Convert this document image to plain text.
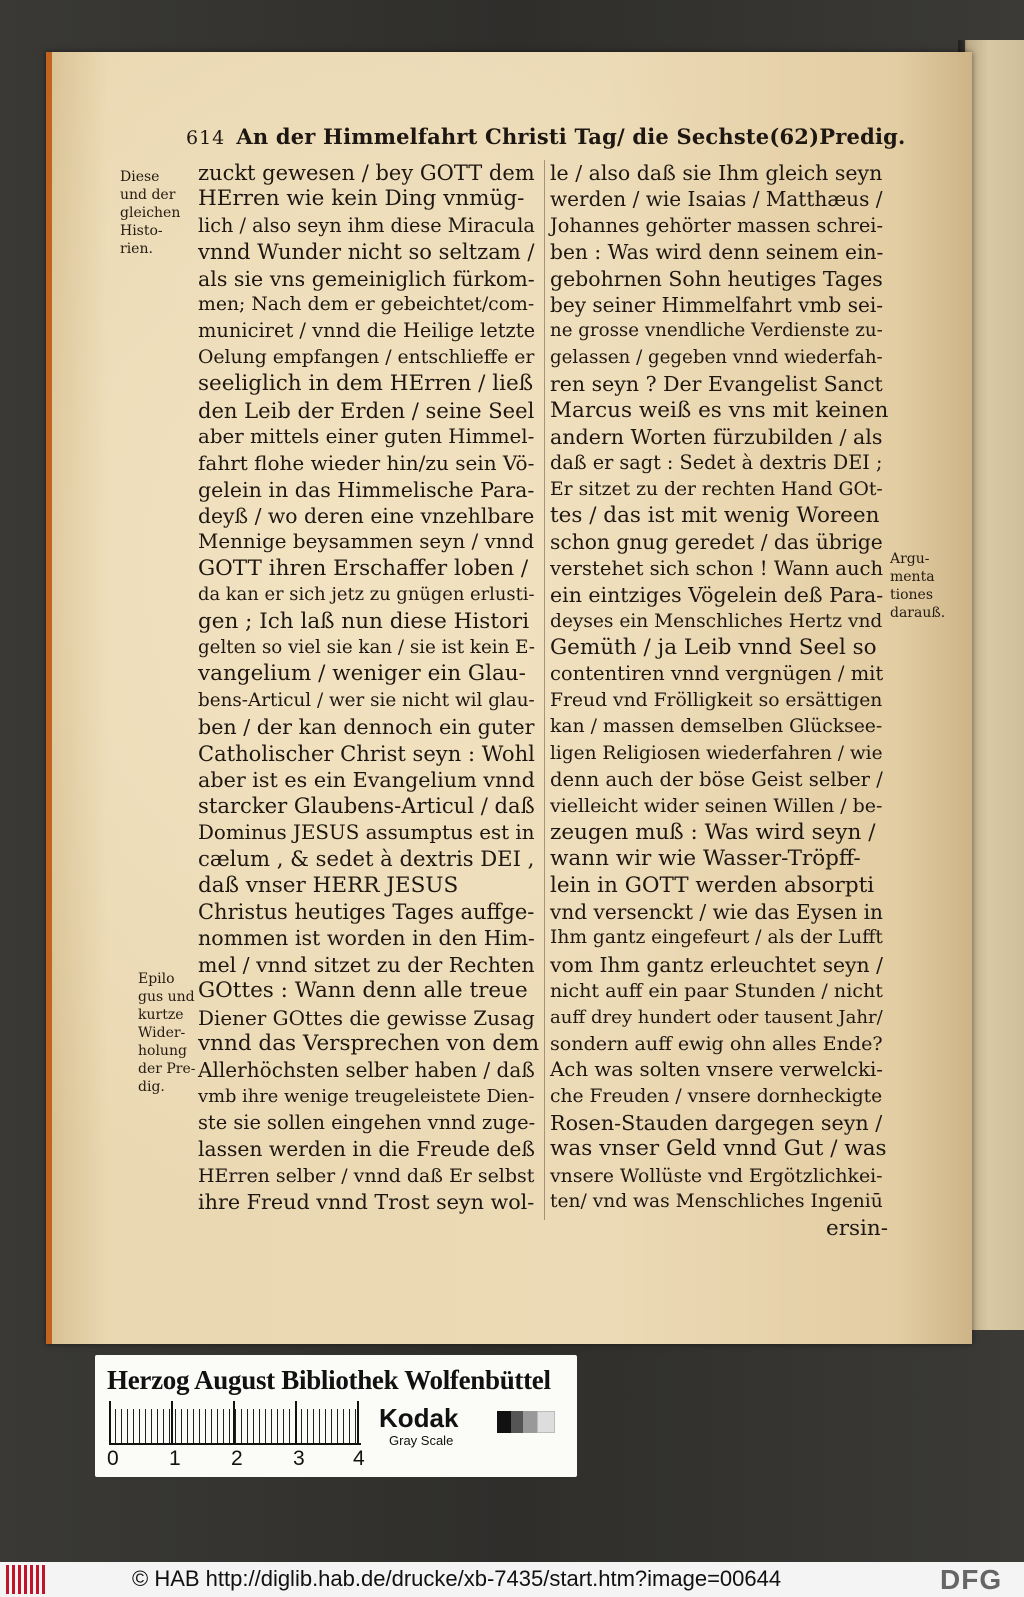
614 An der Himmelfahrt Christi Tag/ die Sechste(62)Predig.
Diese
und der
gleichen
Histo-
rien.
Epilo
gus und
kurtze
Wider-
holung
der Pre-
dig.
Argu-
menta
tiones
darauß.
zuckt gewesen / bey GOTT dem
HErren wie kein Ding vnmüg-
lich / also seyn ihm diese Miracula
vnnd Wunder nicht so seltzam /
als sie vns gemeiniglich fürkom-
men; Nach dem er gebeichtet/com-
municiret / vnnd die Heilige letzte
Oelung empfangen / entschlieffe er
seeliglich in dem HErren / ließ
den Leib der Erden / seine Seel
aber mittels einer guten Himmel-
fahrt flohe wieder hin/zu sein Vö-
gelein in das Himmelische Para-
deyß / wo deren eine vnzehlbare
Mennige beysammen seyn / vnnd
GOTT ihren Erschaffer loben /
da kan er sich jetz zu gnügen erlusti-
gen ; Ich laß nun diese Histori
gelten so viel sie kan / sie ist kein E-
vangelium / weniger ein Glau-
bens-Articul / wer sie nicht wil glau-
ben / der kan dennoch ein guter
Catholischer Christ seyn : Wohl
aber ist es ein Evangelium vnnd
starcker Glaubens-Articul / daß
Dominus JESUS assumptus est in
cælum , & sedet à dextris DEI ,
daß vnser HERR JESUS
Christus heutiges Tages auffge-
nommen ist worden in den Him-
mel / vnnd sitzet zu der Rechten
GOttes : Wann denn alle treue
Diener GOttes die gewisse Zusag
vnnd das Versprechen von dem
Allerhöchsten selber haben / daß
vmb ihre wenige treugeleistete Dien-
ste sie sollen eingehen vnnd zuge-
lassen werden in die Freude deß
HErren selber / vnnd daß Er selbst
ihre Freud vnnd Trost seyn wol-
le / also daß sie Ihm gleich seyn
werden / wie Isaias / Matthæus /
Johannes gehörter massen schrei-
ben : Was wird denn seinem ein-
gebohrnen Sohn heutiges Tages
bey seiner Himmelfahrt vmb sei-
ne grosse vnendliche Verdienste zu-
gelassen / gegeben vnnd wiederfah-
ren seyn ? Der Evangelist Sanct
Marcus weiß es vns mit keinen
andern Worten fürzubilden / als
daß er sagt : Sedet à dextris DEI ;
Er sitzet zu der rechten Hand GOt-
tes / das ist mit wenig Woreen
schon gnug geredet / das übrige
verstehet sich schon ! Wann auch
ein eintziges Vögelein deß Para-
deyses ein Menschliches Hertz vnd
Gemüth / ja Leib vnnd Seel so
contentiren vnnd vergnügen / mit
Freud vnd Frölligkeit so ersättigen
kan / massen demselben Glückseе-
ligen Religiosen wiederfahren / wie
denn auch der böse Geist selber /
vielleicht wider seinen Willen / be-
zeugen muß : Was wird seyn /
wann wir wie Wasser-Tröpff-
lein in GOTT werden absorpti
vnd versenckt / wie das Eysen in
Ihm gantz eingefeurt / als der Lufft
vom Ihm gantz erleuchtet seyn /
nicht auff ein paar Stunden / nicht
auff drey hundert oder tausent Jahr/
sondern auff ewig ohn alles Ende?
Ach was solten vnsere verwelcki-
che Freuden / vnsere dornheckigte
Rosen-Stauden dargegen seyn /
was vnser Geld vnnd Gut / was
vnsere Wollüste vnd Ergötzlichkei-
ten/ vnd was Menschliches Ingeniū
ersin-
Herzog August Bibliothek Wolfenbüttel
0 1 2 3 4
Kodak
Gray Scale
© HAB http://diglib.hab.de/drucke/xb-7435/start.htm?image=00644	DFG
